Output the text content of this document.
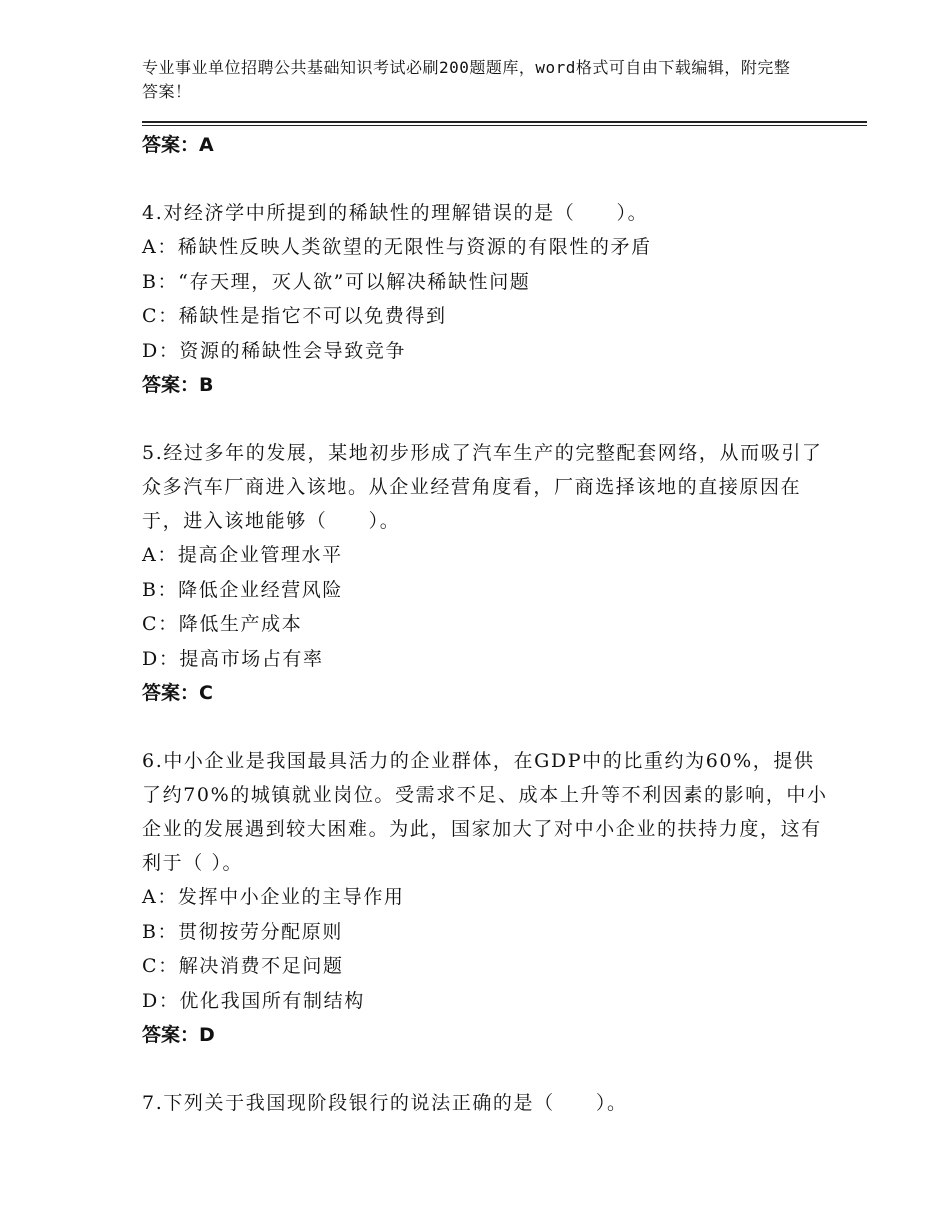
专业事业单位招聘公共基础知识考试必刷200题题库，word格式可自由下载编辑，附完整答案！
答案：A
4.对经济学中所提到的稀缺性的理解错误的是（　　）。
A：稀缺性反映人类欲望的无限性与资源的有限性的矛盾
B：“存天理，灭人欲”可以解决稀缺性问题
C：稀缺性是指它不可以免费得到
D：资源的稀缺性会导致竞争
答案：B
5.经过多年的发展，某地初步形成了汽车生产的完整配套网络，从而吸引了众多汽车厂商进入该地。从企业经营角度看，厂商选择该地的直接原因在于，进入该地能够（　　）。
A：提高企业管理水平
B：降低企业经营风险
C：降低生产成本
D：提高市场占有率
答案：C
6.中小企业是我国最具活力的企业群体，在GDP中的比重约为60%，提供了约70%的城镇就业岗位。受需求不足、成本上升等不利因素的影响，中小企业的发展遇到较大困难。为此，国家加大了对中小企业的扶持力度，这有利于（ ）。
A：发挥中小企业的主导作用
B：贯彻按劳分配原则
C：解决消费不足问题
D：优化我国所有制结构
答案：D
7.下列关于我国现阶段银行的说法正确的是（　　）。
